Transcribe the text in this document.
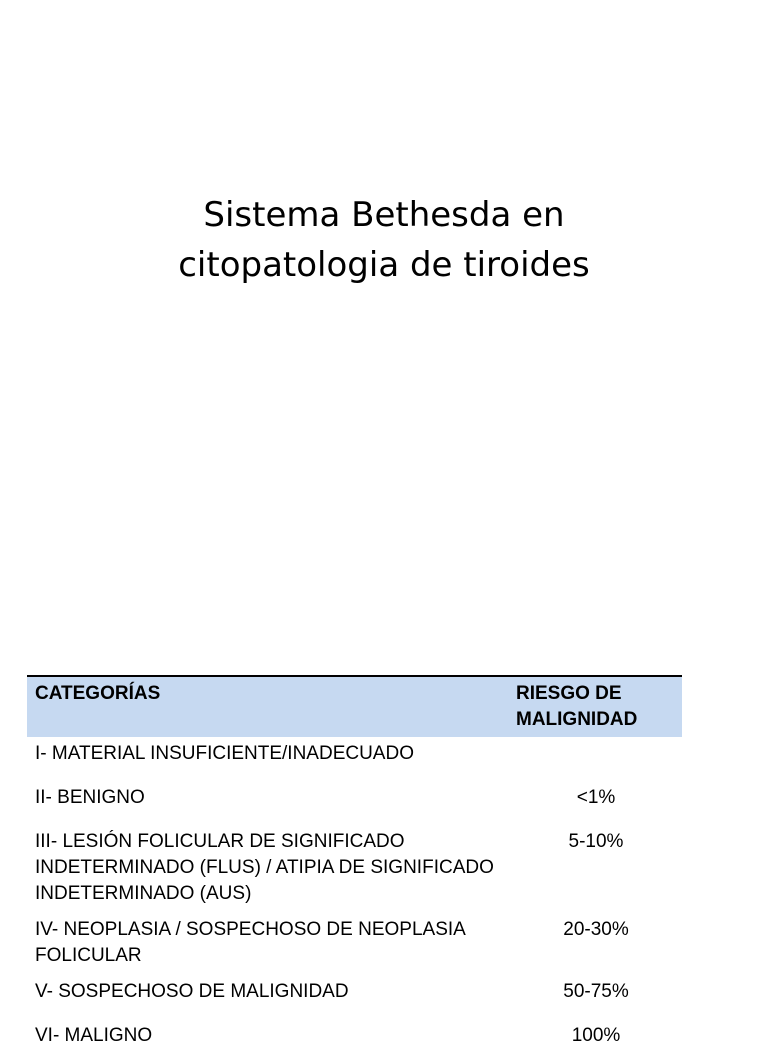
Sistema Bethesda en
citopatologia de tiroides
CATEGORÍAS	RIESGO DE MALIGNIDAD
I- MATERIAL INSUFICIENTE/INADECUADO	
II- BENIGNO	<1%
III- LESIÓN FOLICULAR DE SIGNIFICADO INDETERMINADO (FLUS) / ATIPIA DE SIGNIFICADO INDETERMINADO (AUS)	5-10%
IV- NEOPLASIA / SOSPECHOSO DE NEOPLASIA FOLICULAR	20-30%
V- SOSPECHOSO DE MALIGNIDAD	50-75%
VI- MALIGNO	100%
